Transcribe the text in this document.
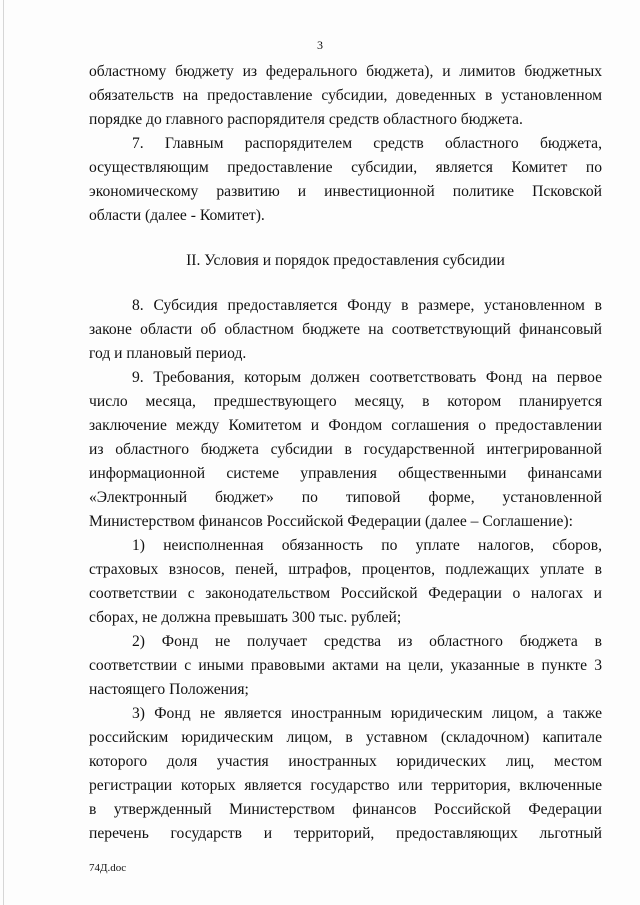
3
областному бюджету из федерального бюджета), и лимитов бюджетных
обязательств на предоставление субсидии, доведенных в установленном
порядке до главного распорядителя средств областного бюджета.
7. Главным распорядителем средств областного бюджета,
осуществляющим предоставление субсидии, является Комитет по
экономическому развитию и инвестиционной политике Псковской
области (далее - Комитет).
II. Условия и порядок предоставления субсидии
8. Субсидия предоставляется Фонду в размере, установленном в
законе области об областном бюджете на соответствующий финансовый
год и плановый период.
9. Требования, которым должен соответствовать Фонд на первое
число месяца, предшествующего месяцу, в котором планируется
заключение между Комитетом и Фондом соглашения о предоставлении
из областного бюджета субсидии в государственной интегрированной
информационной системе управления общественными финансами
«Электронный бюджет» по типовой форме, установленной
Министерством финансов Российской Федерации (далее – Соглашение):
1) неисполненная обязанность по уплате налогов, сборов,
страховых взносов, пеней, штрафов, процентов, подлежащих уплате в
соответствии с законодательством Российской Федерации о налогах и
сборах, не должна превышать 300 тыс. рублей;
2) Фонд не получает средства из областного бюджета в
соответствии с иными правовыми актами на цели, указанные в пункте 3
настоящего Положения;
3) Фонд не является иностранным юридическим лицом, а также
российским юридическим лицом, в уставном (складочном) капитале
которого доля участия иностранных юридических лиц, местом
регистрации которых является государство или территория, включенные
в утвержденный Министерством финансов Российской Федерации
перечень государств и территорий, предоставляющих льготный
74Д.doc
